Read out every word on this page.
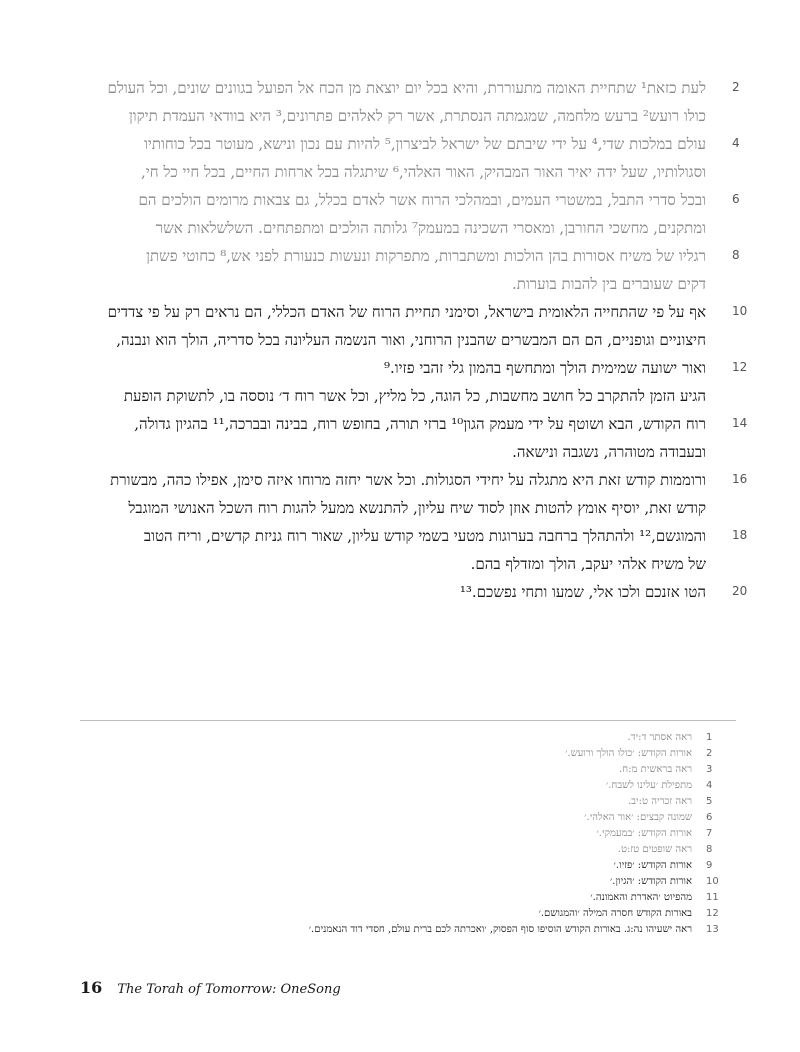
2
לעת כזאת¹ שתחיית האומה מתעוררת, והיא בכל יום יוצאת מן הכח אל הפועל בגוונים שונים, וכל העולם
כולו רועש² ברעש מלחמה, שמגמתה הנסתרת, אשר רק לאלהים פתרונים,³ היא בוודאי העמדת תיקון
4
עולם במלכות שדי,⁴ על ידי שיבתם של ישראל לביצרון,⁵ להיות עם נכון ונישא, מעוטר בכל כוחותיו
וסגולותיו, שעל ידה יאיר האור המבהיק, האור האלהי,⁶ שיתגלה בכל ארחות החיים, בכל חיי כל חי,
6
ובכל סדרי התבל, במשטרי העמים, ובמהלכי הרוח אשר לאדם בכלל, גם צבאות מרומים הולכים הם
ומתקנים, מחשכי החורבן, ומאסרי השכינה במעמק⁷ גלותה הולכים ומתפתחים. השלשלאות אשר
8
רגליו של משיח אסורות בהן הולכות ומשתברות, מתפרקות ונעשות כנעורת לפני אש,⁸ כחוטי פשתן
דקים שעוברים בין להבות בוערות.
10
אף על פי שהתחייה הלאומית בישראל, וסימני תחיית הרוח של האדם הכללי, הם נראים רק על פי צדדים
חיצוניים וגופניים, הם הם המבשרים שהבנין הרוחני, ואור הנשמה העליונה בכל סדריה, הולך הוא ונבנה,
12
ואור ישועה שמימית הולך ומתחשף בהמון גלי זהבי פזיו.⁹
הגיע הזמן להתקרב כל חושב מחשבות, כל הוגה, כל מליץ, וכל אשר רוח ד׳ נוססה בו, לתשוקת הופעת
14
רוח הקודש, הבא ושוטף על ידי מעמק הגון¹⁰ ברזי תורה, בחופש רוח, בבינה ובברכה,¹¹ בהגיון גדולה,
ובעבודה מטוהרה, נשגבה ונישאה.
16
ורוממות קודש זאת היא מתגלה על יחידי הסגולות. וכל אשר יחזה מרוחו איזה סימן, אפילו כהה, מבשורת
קודש זאת, יוסיף אומץ להטות אוזן לסוד שיח עליון, להתנשא ממעל להגות רוח השכל האנושי המוגבל
18
והמוגשם,¹² ולהתהלך ברחבה בערוגות מטעי בשמי קודש עליון, שאור רוח גניזת קדשים, וריח הטוב
של משיח אלהי יעקב, הולך ומזדלף בהם.
20
הטו אזנכם ולכו אלי, שמעו ותחי נפשכם.¹³
1
ראה אסתר ד:יד.
2
אורות הקודש: ׳כולו הולך ורועש.׳
3
ראה בראשית מ:ח.
4
מתפילת ׳עלינו לשבח.׳
5
ראה זכריה ט:יב.
6
שמונה קבצים: ׳אור האלהי.׳
7
אורות הקודש: ׳במעמקי.׳
8
ראה שופטים טז:ט.
9
אורות הקודש: ׳פזיו.׳
10
אורות הקודש: ׳הגיון.׳
11
מהפיוט ׳האדרת והאמונה.׳
12
באורות הקודש חסרה המילה ׳והמגושם.׳
13
ראה ישעיהו נה:ג. באורות הקודש הוסיפו סוף הפסוק, ׳ואכרתה לכם ברית עולם, חסדי דוד הנאמנים.׳
16 The Torah of Tomorrow: OneSong
